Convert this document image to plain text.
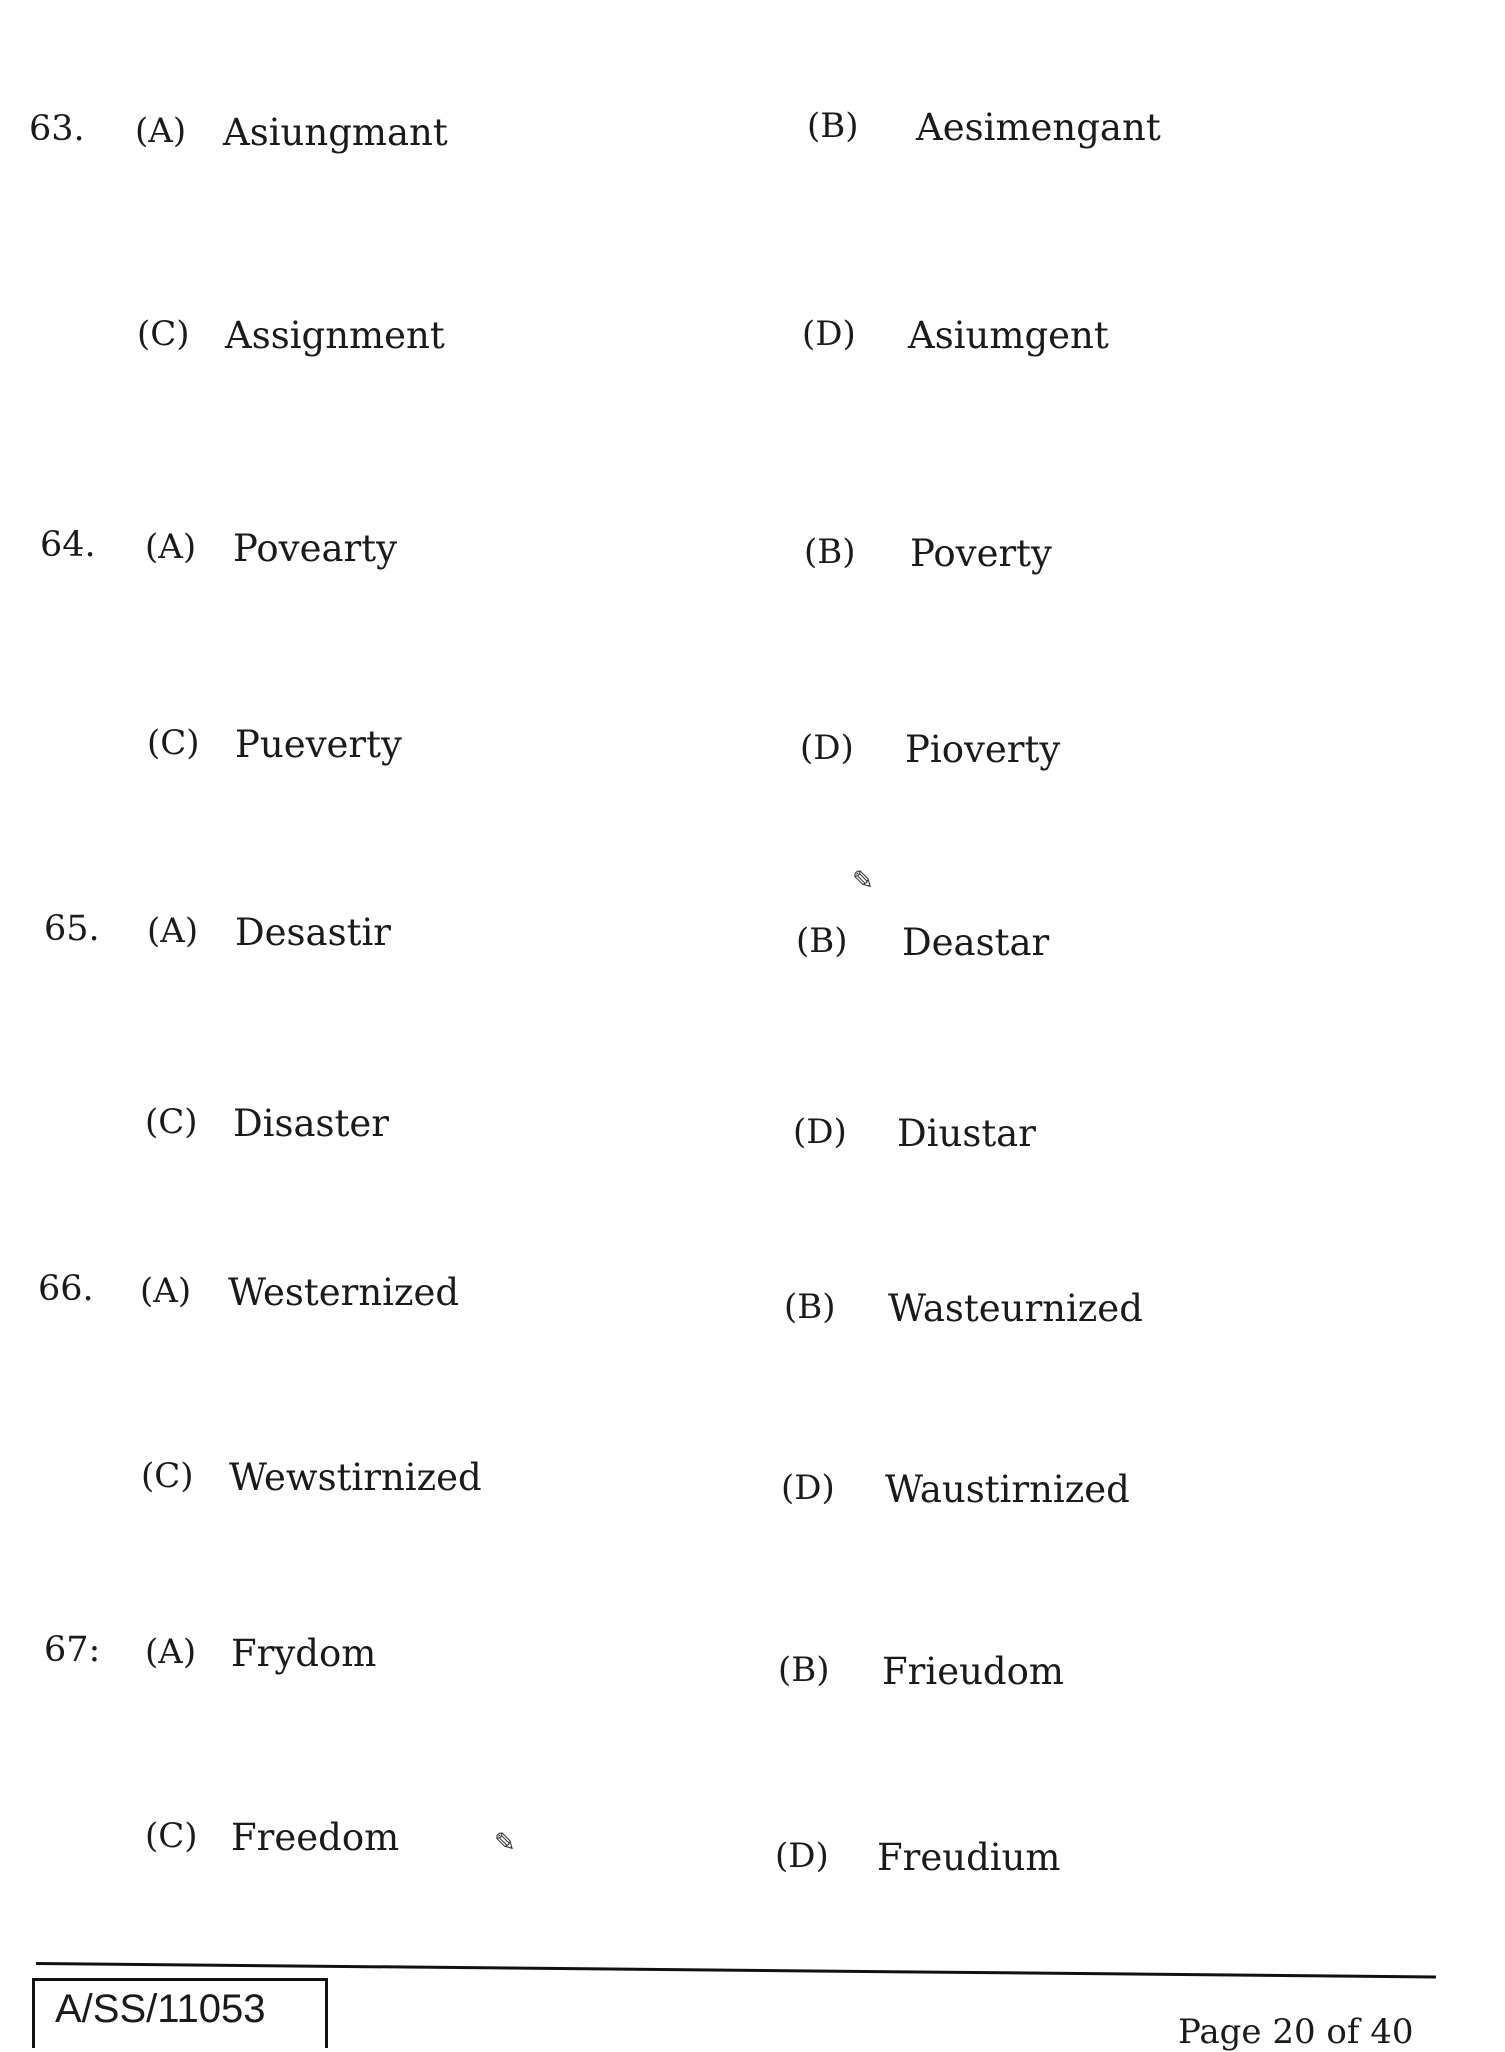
63. (A) Asiungmant	(B) Aesimengant
(C) Assignment	(D) Asiumgent
64. (A) Povearty	(B) Poverty
(C) Pueverty	(D) Pioverty
65. (A) Desastir	(B) Deastar
(C) Disaster	(D) Diustar
66. (A) Westernized	(B) Wasteurnized
(C) Wewstirnized	(D) Waustirnized
67: (A) Frydom	(B) Frieudom
(C) Freedom	(D) Freudium
A/SS/11053
Page 20 of 40
✎
✎
